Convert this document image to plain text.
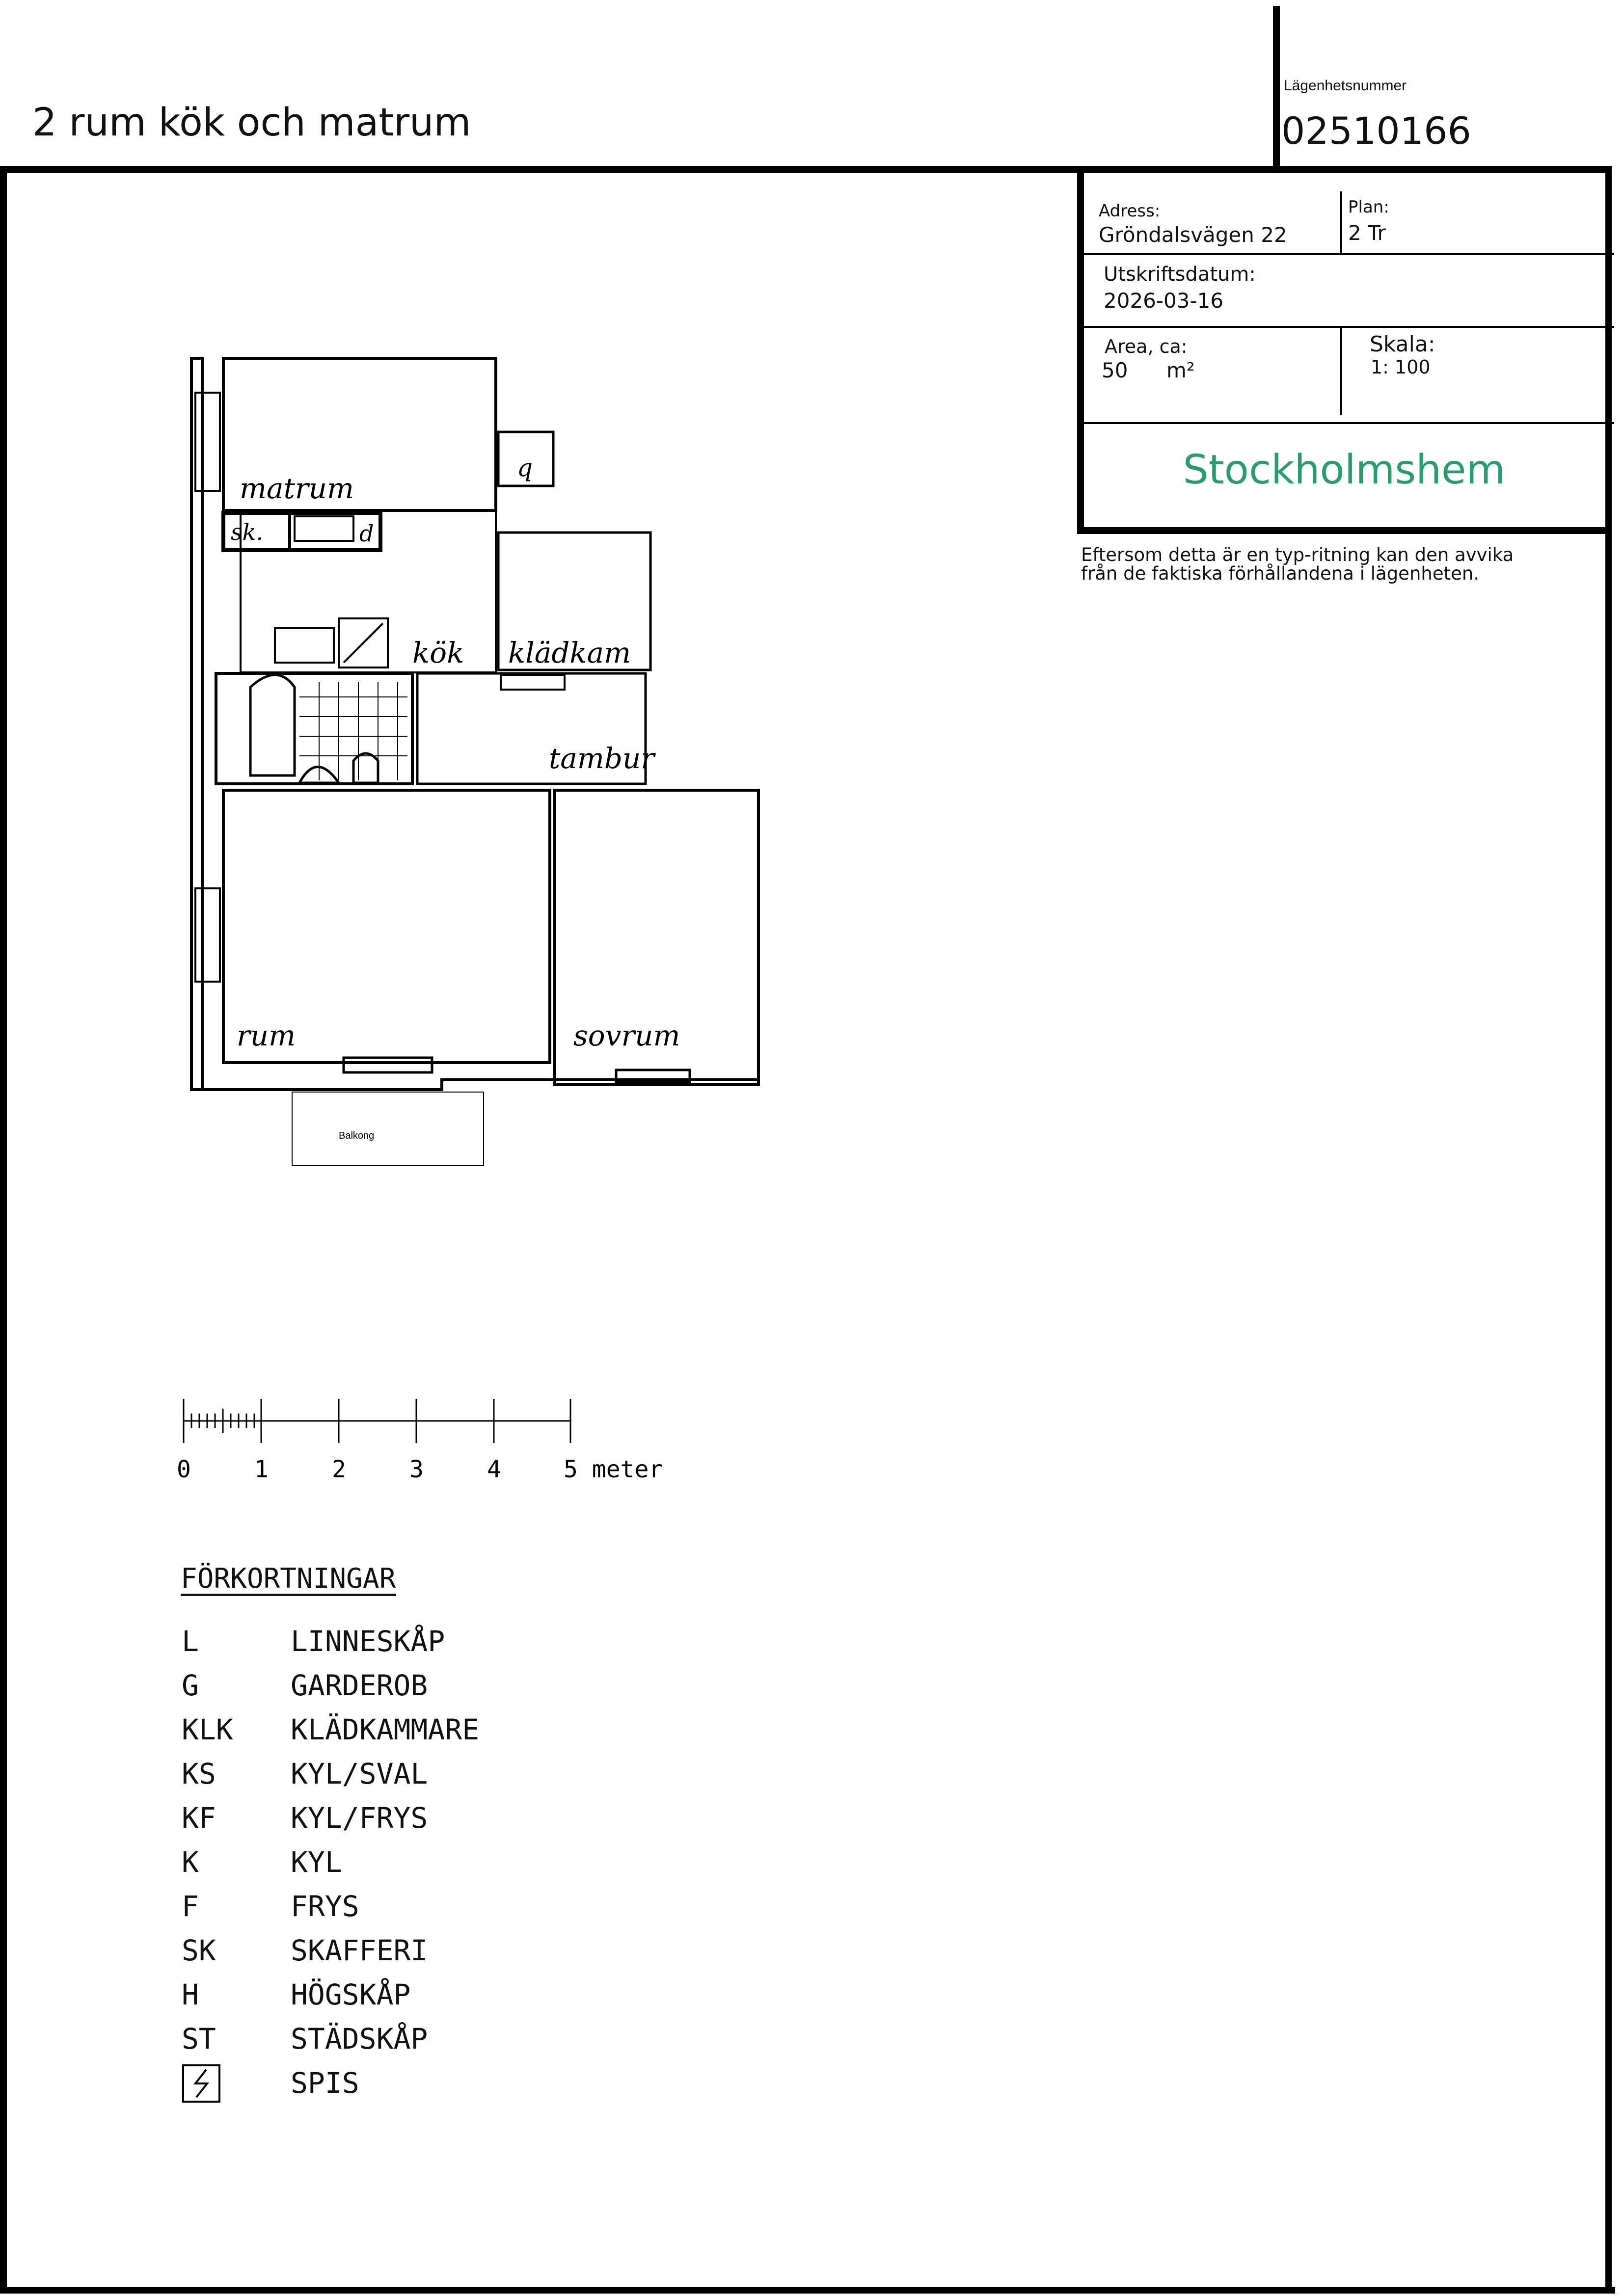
2 rum kök och matrum
Lägenhetsnummer
02510166
Adress:
Gröndalsvägen 22
Plan:
2 Tr
Utskriftsdatum:
2026-03-16
Area, ca:
50 m²
Skala:
1: 100
Stockholmshem
Eftersom detta är en typ-ritning kan den avvika
från de faktiska förhållandena i lägenheten.
matrum
sk.	d
q
kök klädkam
tambur
rum	sovrum
Balkong
0	1	2	3	4	5 meter
FÖRKORTNINGAR
L	LINNESKÅP
G	GARDEROB
KLK KLÄDKAMMARE
KS	KYL/SVAL
KF	KYL/FRYS
K	KYL
F	FRYS
SK	SKAFFERI
H	HÖGSKÅP
ST	STÄDSKÅP
SPIS
